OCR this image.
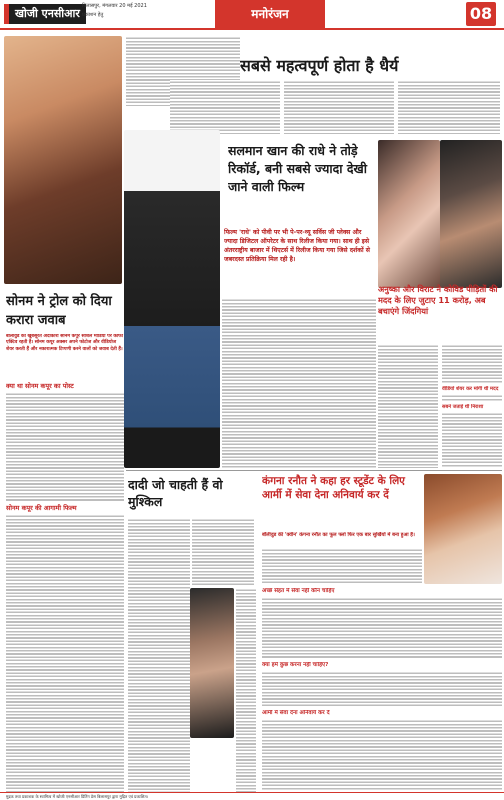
खोजी एनसीआर
बिलासपुर, मंगलवार 20 मई 2021
प्रकाशन हेतु	मनोरंजन	08
सबसे महत्वपूर्ण होता है धैर्य
सलमान खान की राधे ने तोड़े रिकॉर्ड, बनी सबसे ज्यादा देखी जाने वाली फिल्म
फिल्म 'राधे' को पीवी पर भी पे-पर-व्यू सर्विस जी प्लेक्स और ज्यादा डिजिटल ऑपरेटर के साथ रिलीज किया गया। साथ ही इसे अंतरराष्ट्रीय बाजार में थिएटर्स में रिलीज किया गया जिसे दर्शकों से जबरदस्त प्रतिक्रिया मिल रही है।
अनुष्का और विराट ने कोविड पीड़ितों की मदद के लिए जुटाए 11 करोड़, अब बचाएंगे जिंदगियां
वीडियो शेयर कर मांगी थी मदद
सबने जताई थी निराशा
सोनम ने ट्रोल को दिया करारा जवाब
बॉलीवुड की खूबसूरत अदाकारा सोनम कपूर सोशल मीडिया पर काफी एक्टिव रहती है। सोनम कपूर अक्सर अपने फोटोज और वीडियोज शेयर करती हैं और नकारात्मक टिप्पणी करने वालों को जवाब देती हैं।
क्या था सोनम कपूर का पोस्ट
सोनम कपूर की आगामी फिल्म
दादी जो चाहती हैं वो मुश्किल
कंगना रनौत ने कहा हर स्टूडेंट के लिए आर्मी में सेवा देना अनिवार्य कर दें
बॉलीवुड की 'क्वीन' कंगना रनौत का फूल फ्लो फिर एक बार सुर्खियों में बना हुआ है।
अच्छे सेहत में सेवा नहीं कौन चाहिए
क्या हमें कुछ करना नहीं चाहिए?
आर्मी में सेवा देना अनिवार्य कर दें
मुद्रक तथा प्रकाशक के स्वामित्व में खोजी एनसीआर प्रिंटिंग प्रेस बिलासपुर द्वारा मुद्रित एवं प्रकाशित।
